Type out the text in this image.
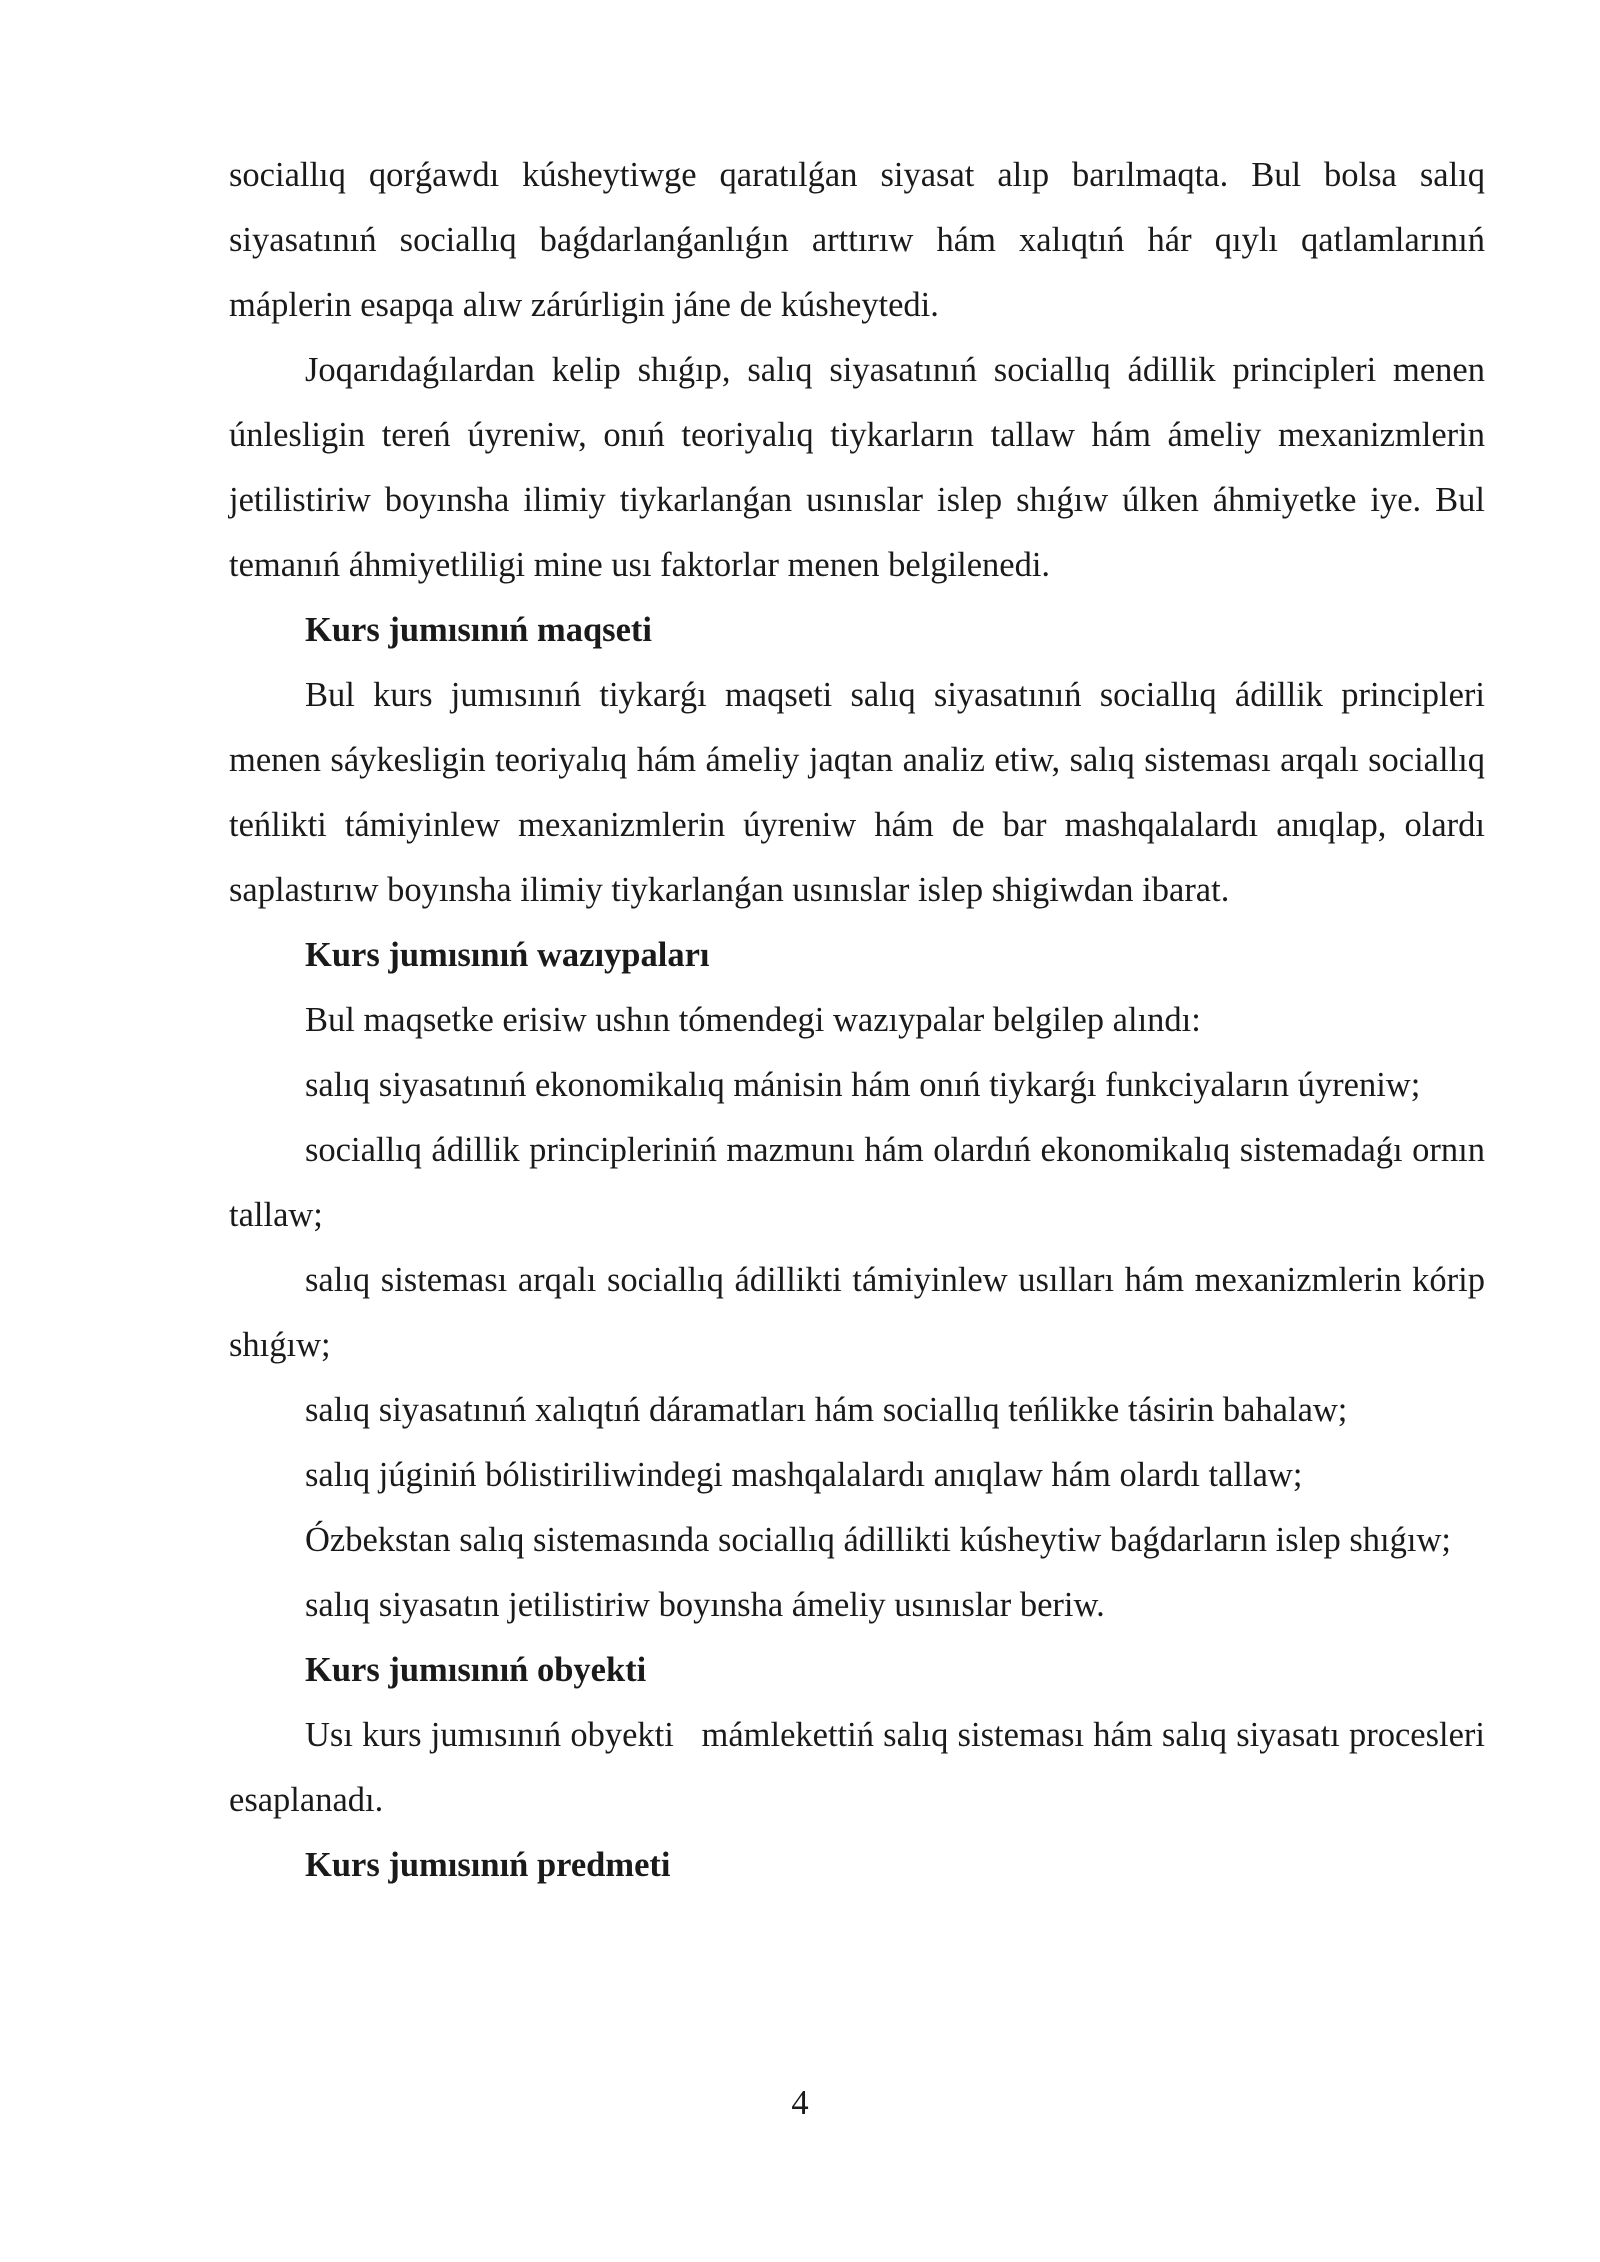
sociallıq qorǵawdı kúsheytiwge qaratılǵan siyasat alıp barılmaqta. Bul bolsa salıq siyasatınıń sociallıq baǵdarlanǵanlıǵın arttırıw hám xalıqtıń hár qıylı qatlamlarınıń máplerin esapqa alıw zárúrligin jáne de kúsheytedi.

Joqarıdaǵılardan kelip shıǵıp, salıq siyasatınıń sociallıq ádillik principleri menen únlesligin tereń úyreniw, onıń teoriyalıq tiykarların tallaw hám ámeliy mexanizmlerin jetilistiriw boyınsha ilimiy tiykarlanǵan usınıslar islep shıǵıw úlken áhmiyetke iye. Bul temanıń áhmiyetliligi mine usı faktorlar menen belgilenedi.

Kurs jumısınıń maqseti

Bul kurs jumısınıń tiykarǵı maqseti salıq siyasatınıń sociallıq ádillik principleri menen sáykesligin teoriyalıq hám ámeliy jaqtan analiz etiw, salıq sisteması arqalı sociallıq teńlikti támiyinlew mexanizmlerin úyreniw hám de bar mashqalalardı anıqlap, olardı saplastırıw boyınsha ilimiy tiykarlanǵan usınıslar islep shigiwdan ibarat.

Kurs jumısınıń wazıypaları

Bul maqsetke erisiw ushın tómendegi wazıypalar belgilep alındı:

salıq siyasatınıń ekonomikalıq mánisin hám onıń tiykarǵı funkciyaların úyreniw;

sociallıq ádillik principleriniń mazmunı hám olardıń ekonomikalıq sistemadaǵı ornın tallaw;

salıq sisteması arqalı sociallıq ádillikti támiyinlew usılları hám mexanizmlerin kórip shıǵıw;

salıq siyasatınıń xalıqtıń dáramatları hám sociallıq teńlikke tásirin bahalaw;

salıq júginiń bólistiriliwindegi mashqalalardı anıqlaw hám olardı tallaw;

Ózbekstan salıq sistemasında sociallıq ádillikti kúsheytiw baǵdarların islep shıǵıw;

salıq siyasatın jetilistiriw boyınsha ámeliy usınıslar beriw.

Kurs jumısınıń obyekti

Usı kurs jumısınıń obyekti   mámlekettiń salıq sisteması hám salıq siyasatı procesleri esaplanadı.

Kurs jumısınıń predmeti

4
